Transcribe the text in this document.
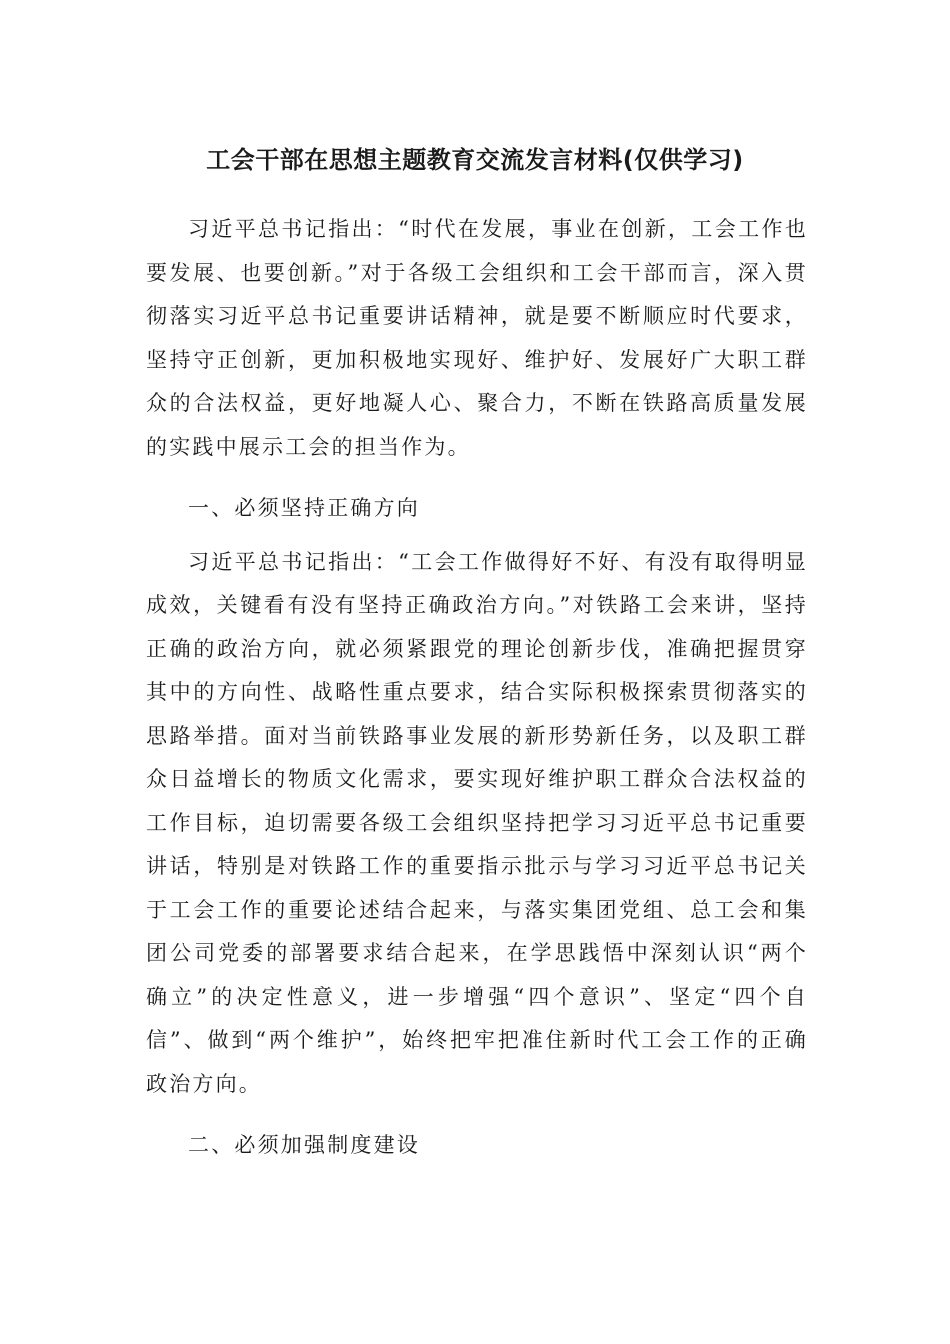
工会干部在思想主题教育交流发言材料(仅供学习)

习近平总书记指出：“时代在发展，事业在创新，工会工作也要发展、也要创新。”对于各级工会组织和工会干部而言，深入贯彻落实习近平总书记重要讲话精神，就是要不断顺应时代要求，坚持守正创新，更加积极地实现好、维护好、发展好广大职工群众的合法权益，更好地凝人心、聚合力，不断在铁路高质量发展的实践中展示工会的担当作为。

一、必须坚持正确方向

习近平总书记指出：“工会工作做得好不好、有没有取得明显成效，关键看有没有坚持正确政治方向。”对铁路工会来讲，坚持正确的政治方向，就必须紧跟党的理论创新步伐，准确把握贯穿其中的方向性、战略性重点要求，结合实际积极探索贯彻落实的思路举措。面对当前铁路事业发展的新形势新任务，以及职工群众日益增长的物质文化需求，要实现好维护职工群众合法权益的工作目标，迫切需要各级工会组织坚持把学习习近平总书记重要讲话，特别是对铁路工作的重要指示批示与学习习近平总书记关于工会工作的重要论述结合起来，与落实集团党组、总工会和集团公司党委的部署要求结合起来，在学思践悟中深刻认识“两个确立”的决定性意义，进一步增强“四个意识”、坚定“四个自信”、做到“两个维护”，始终把牢把准住新时代工会工作的正确政治方向。

二、必须加强制度建设
